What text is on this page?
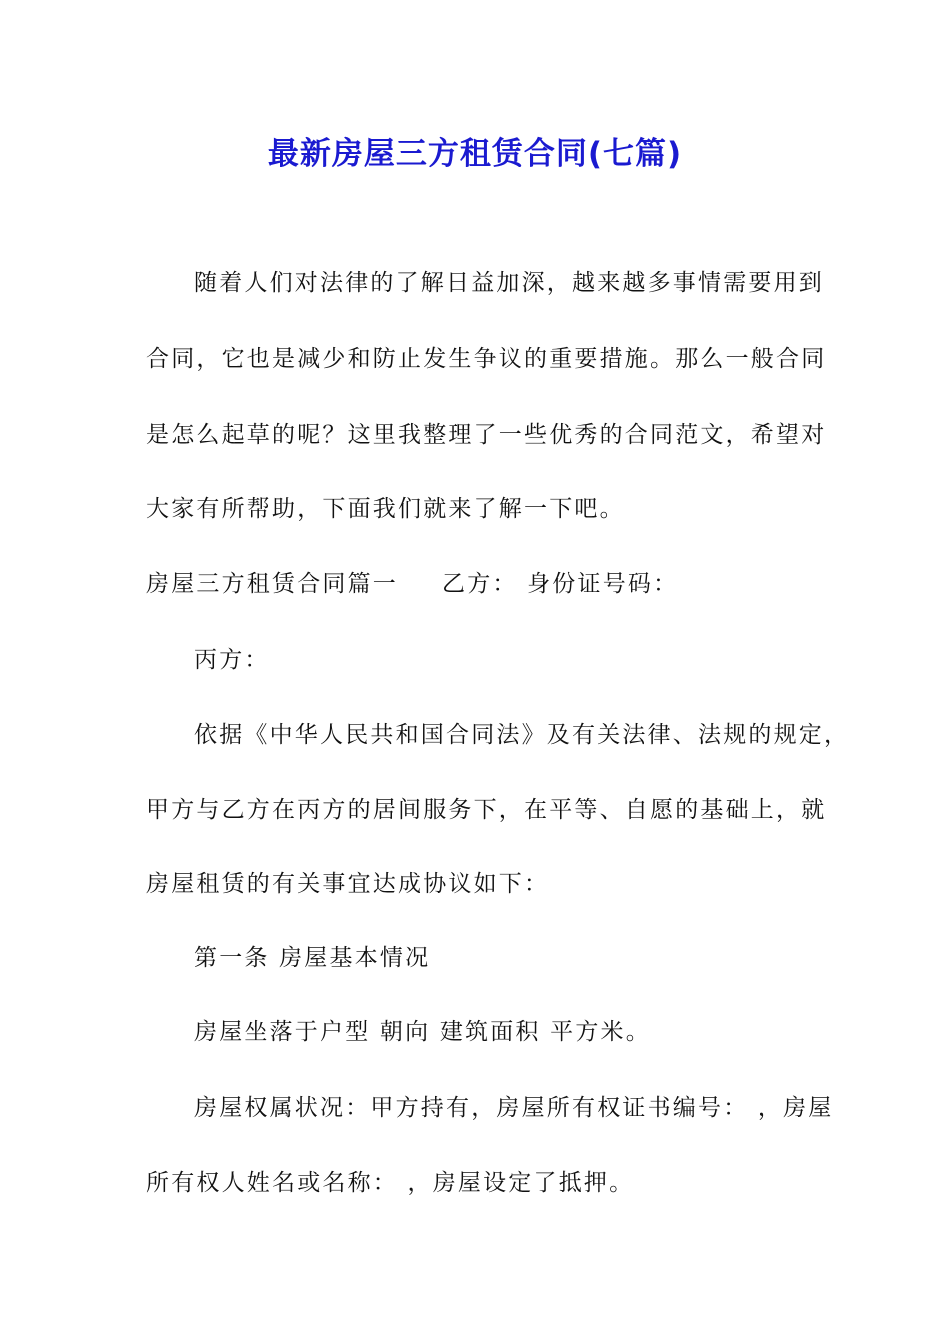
最新房屋三方租赁合同(七篇)
随着人们对法律的了解日益加深，越来越多事情需要用到
合同，它也是减少和防止发生争议的重要措施。那么一般合同
是怎么起草的呢？这里我整理了一些优秀的合同范文，希望对
大家有所帮助，下面我们就来了解一下吧。
房屋三方租赁合同篇一 乙方： 身份证号码：
丙方：
依据《中华人民共和国合同法》及有关法律、法规的规定，
甲方与乙方在丙方的居间服务下，在平等、自愿的基础上，就
房屋租赁的有关事宜达成协议如下：
第一条 房屋基本情况
房屋坐落于户型 朝向 建筑面积 平方米。
房屋权属状况：甲方持有，房屋所有权证书编号： ，房屋
所有权人姓名或名称： ，房屋设定了抵押。
